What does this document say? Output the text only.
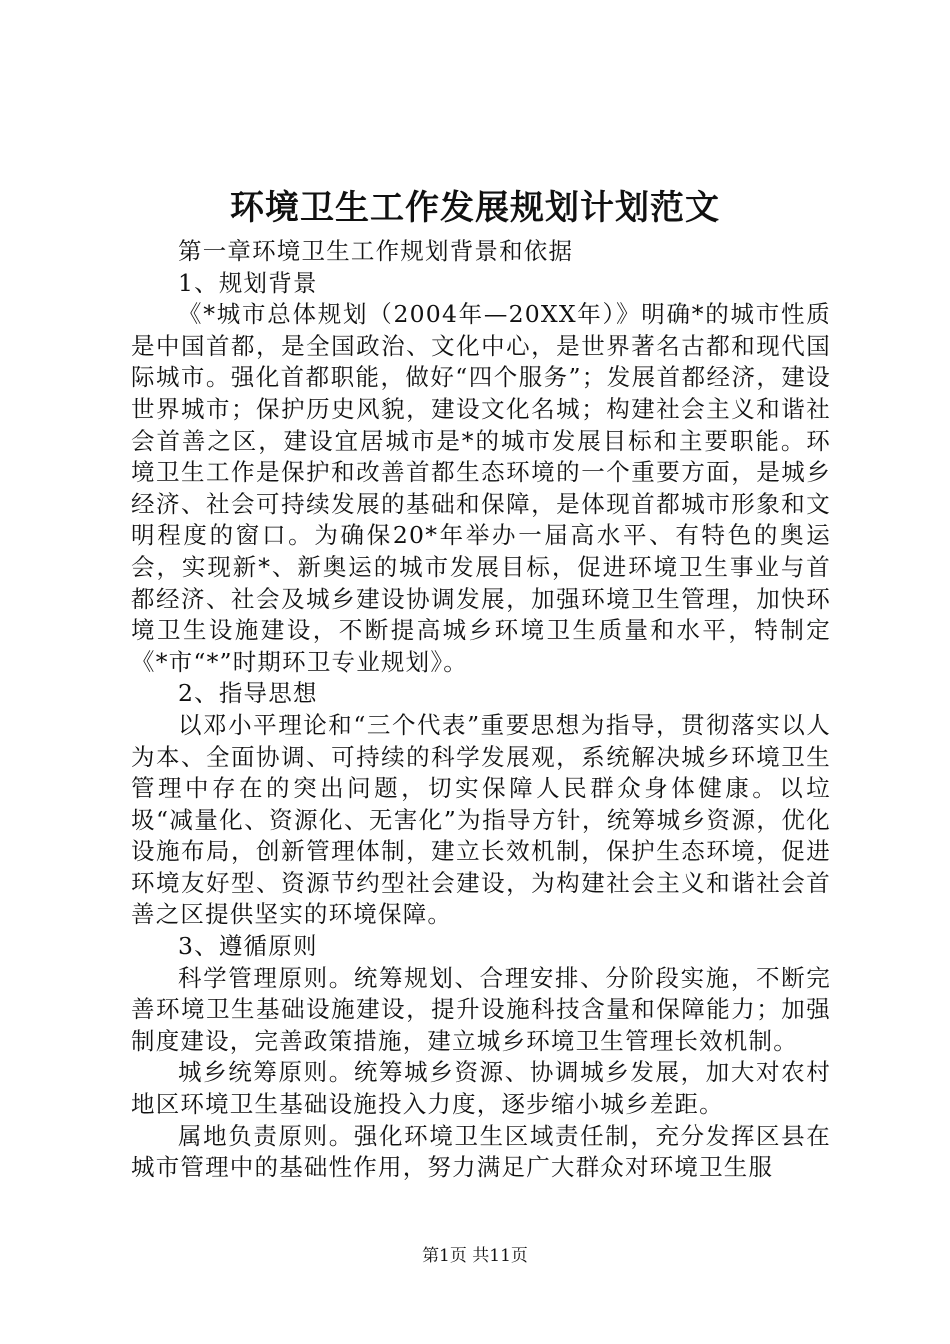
环境卫生工作发展规划计划范文

第一章环境卫生工作规划背景和依据

1、规划背景

《*城市总体规划（2004年—20XX年）》明确*的城市性质是中国首都，是全国政治、文化中心，是世界著名古都和现代国际城市。强化首都职能，做好“四个服务”；发展首都经济，建设世界城市；保护历史风貌，建设文化名城；构建社会主义和谐社会首善之区，建设宜居城市是*的城市发展目标和主要职能。环境卫生工作是保护和改善首都生态环境的一个重要方面，是城乡经济、社会可持续发展的基础和保障，是体现首都城市形象和文明程度的窗口。为确保20*年举办一届高水平、有特色的奥运会，实现新*、新奥运的城市发展目标，促进环境卫生事业与首都经济、社会及城乡建设协调发展，加强环境卫生管理，加快环境卫生设施建设，不断提高城乡环境卫生质量和水平，特制定《*市“*”时期环卫专业规划》。

2、指导思想

以邓小平理论和“三个代表”重要思想为指导，贯彻落实以人为本、全面协调、可持续的科学发展观，系统解决城乡环境卫生管理中存在的突出问题，切实保障人民群众身体健康。以垃圾“减量化、资源化、无害化”为指导方针，统筹城乡资源，优化设施布局，创新管理体制，建立长效机制，保护生态环境，促进环境友好型、资源节约型社会建设，为构建社会主义和谐社会首善之区提供坚实的环境保障。

3、遵循原则

科学管理原则。统筹规划、合理安排、分阶段实施，不断完善环境卫生基础设施建设，提升设施科技含量和保障能力；加强制度建设，完善政策措施，建立城乡环境卫生管理长效机制。

城乡统筹原则。统筹城乡资源、协调城乡发展，加大对农村地区环境卫生基础设施投入力度，逐步缩小城乡差距。

属地负责原则。强化环境卫生区域责任制，充分发挥区县在城市管理中的基础性作用，努力满足广大群众对环境卫生服

第1页 共11页
